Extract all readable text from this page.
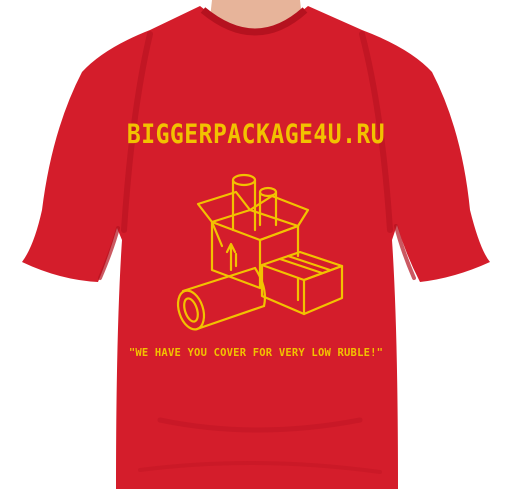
BIGGERPACKAGE4U.RU
"WE HAVE YOU COVER FOR VERY LOW RUBLE!"
